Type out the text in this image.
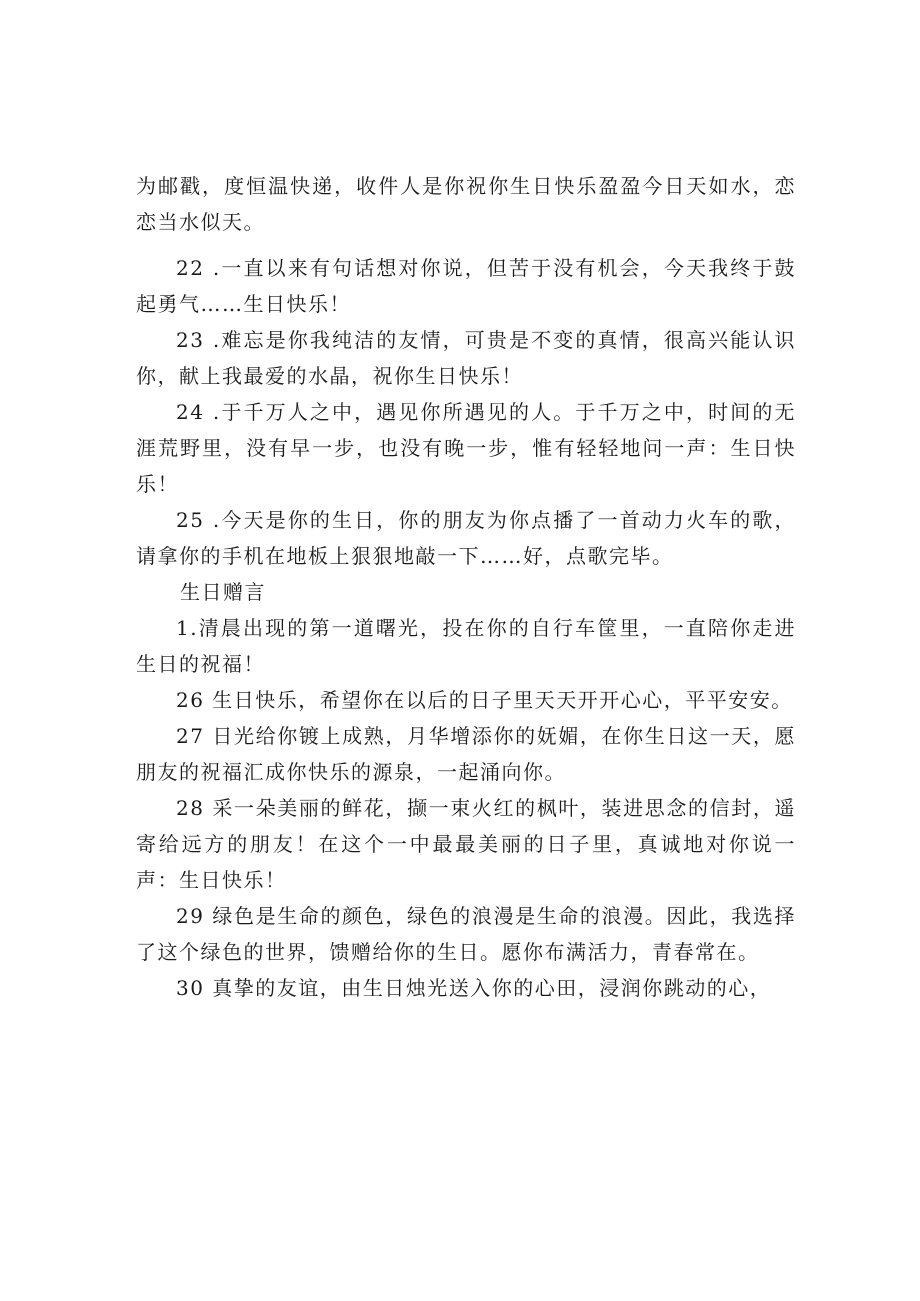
为邮戳，度恒温快递，收件人是你祝你生日快乐盈盈今日天如水，恋恋当水似天。

22 .一直以来有句话想对你说，但苦于没有机会，今天我终于鼓起勇气……生日快乐！

23 .难忘是你我纯洁的友情，可贵是不变的真情，很高兴能认识你，献上我最爱的水晶，祝你生日快乐！

24 .于千万人之中，遇见你所遇见的人。于千万之中，时间的无涯荒野里，没有早一步，也没有晚一步，惟有轻轻地问一声：生日快乐！

25 .今天是你的生日，你的朋友为你点播了一首动力火车的歌，请拿你的手机在地板上狠狠地敲一下……好，点歌完毕。

生日赠言

1.清晨出现的第一道曙光，投在你的自行车筐里，一直陪你走进生日的祝福！

26 生日快乐，希望你在以后的日子里天天开开心心，平平安安。

27 日光给你镀上成熟，月华增添你的妩媚，在你生日这一天，愿朋友的祝福汇成你快乐的源泉，一起涌向你。

28 采一朵美丽的鲜花，撷一束火红的枫叶，装进思念的信封，遥寄给远方的朋友！在这个一中最最美丽的日子里，真诚地对你说一声：生日快乐！

29 绿色是生命的颜色，绿色的浪漫是生命的浪漫。因此，我选择了这个绿色的世界，馈赠给你的生日。愿你布满活力，青春常在。

30 真挚的友谊，由生日烛光送入你的心田，浸润你跳动的心，
